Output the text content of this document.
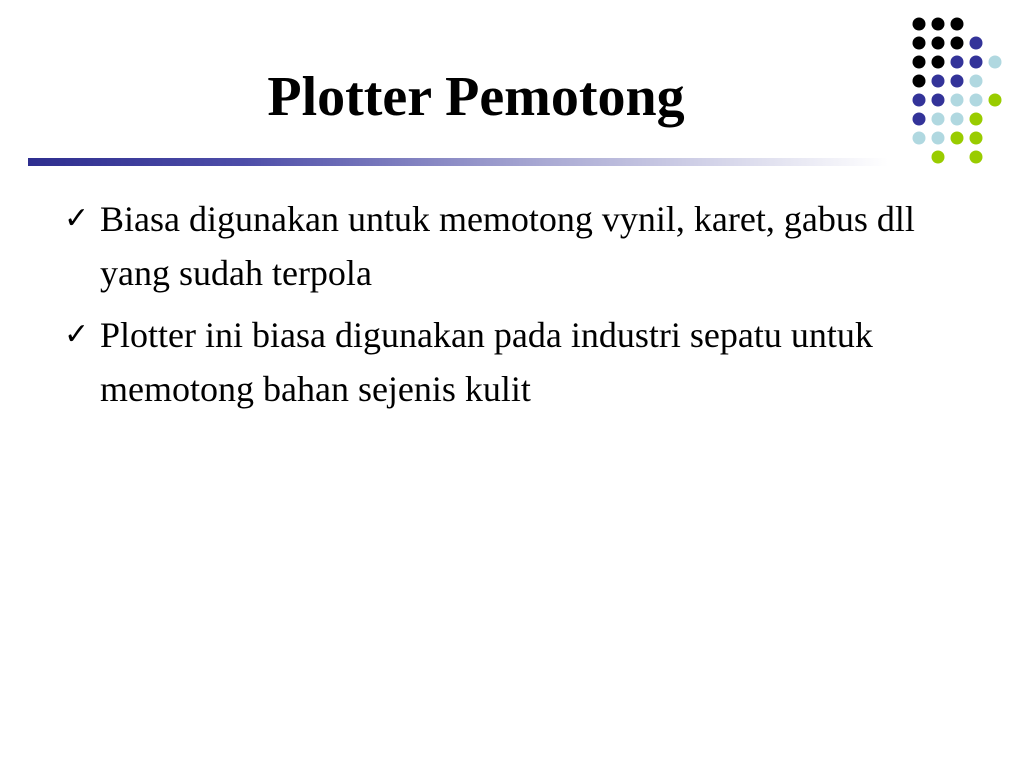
Plotter Pemotong
✓ Biasa digunakan untuk memotong vynil, karet, gabus dll yang sudah terpola
✓ Plotter ini biasa digunakan pada industri sepatu untuk memotong bahan sejenis kulit
